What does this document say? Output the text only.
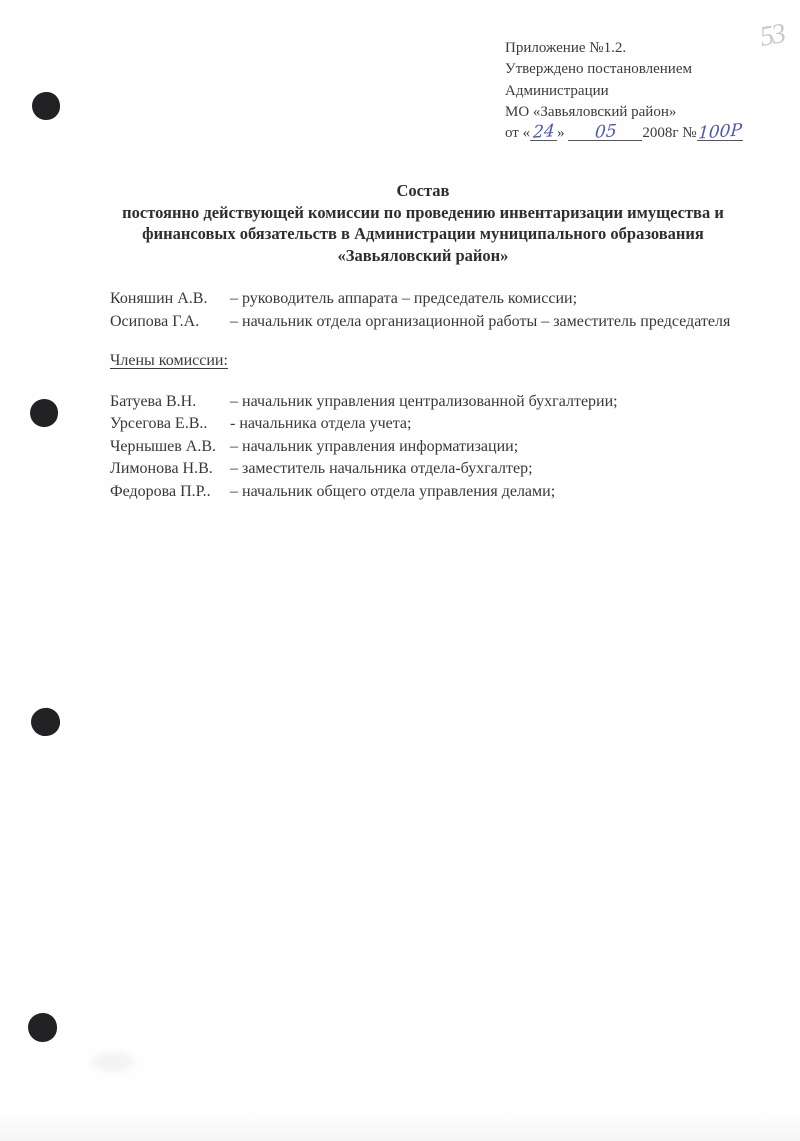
53
Приложение №1.2.
Утверждено постановлением
Администрации
МО «Завьяловский район»
от « 24 » 05 2008г №100Р
Состав
постоянно действующей комиссии по проведению инвентаризации имущества и
финансовых обязательств в Администрации муниципального образования
«Завьяловский район»
Коняшин А.В.	– руководитель аппарата – председатель комиссии;
Осипова Г.А.	– начальник отдела организационной работы – заместитель председателя
Члены комиссии:
Батуева В.Н.	– начальник управления централизованной бухгалтерии;
Урсегова Е.В..	- начальника отдела учета;
Чернышев А.В. – начальник управления информатизации;
Лимонова Н.В.	– заместитель начальника отдела-бухгалтер;
Федорова П.Р..	– начальник общего отдела управления делами;
